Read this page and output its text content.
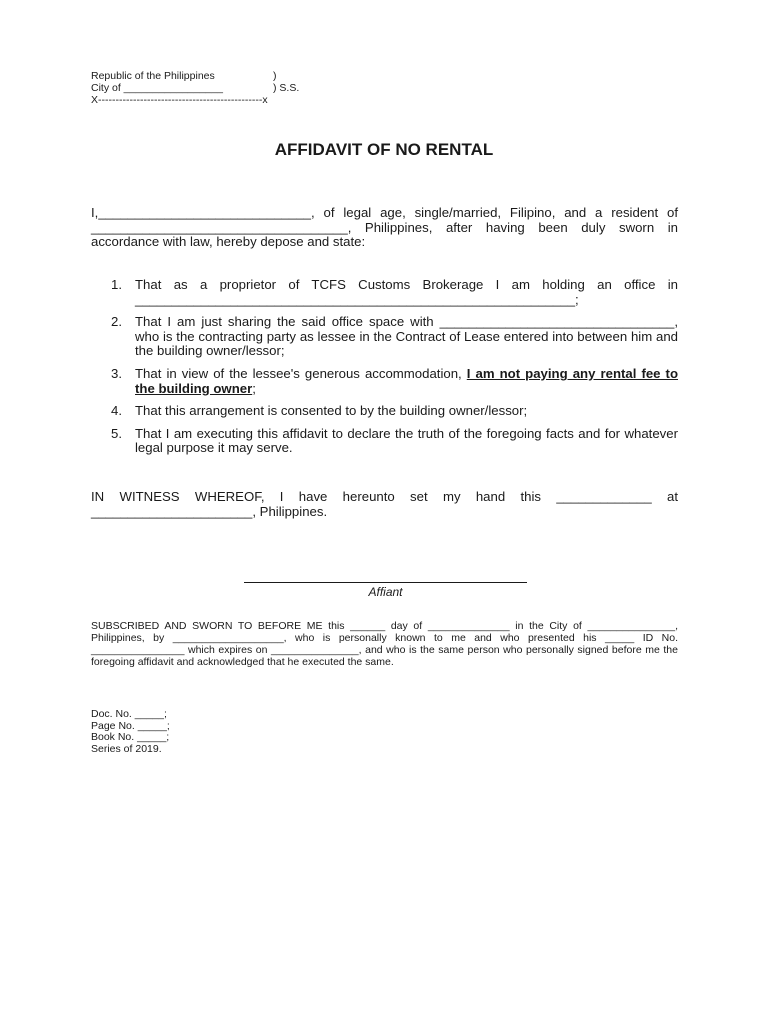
Republic of the Philippines	)
City of _________________	) S.S.
X-----------------------------------------------x
AFFIDAVIT OF NO RENTAL
I,_____________________________, of legal age, single/married, Filipino, and a resident of ___________________________________, Philippines, after having been duly sworn in accordance with law, hereby depose and state:
1. That as a proprietor of TCFS Customs Brokerage I am holding an office in ____________________________________________________________;
2. That I am just sharing the said office space with ________________________________, who is the contracting party as lessee in the Contract of Lease entered into between him and the building owner/lessor;
3. That in view of the lessee's generous accommodation, I am not paying any rental fee to the building owner;
4. That this arrangement is consented to by the building owner/lessor;
5. That I am executing this affidavit to declare the truth of the foregoing facts and for whatever legal purpose it may serve.
IN WITNESS WHEREOF, I have hereunto set my hand this _____________ at ______________________, Philippines.
Affiant
SUBSCRIBED AND SWORN TO BEFORE ME this ______ day of ______________ in the City of _______________, Philippines, by ___________________, who is personally known to me and who presented his _____ ID No. ________________ which expires on _______________, and who is the same person who personally signed before me the foregoing affidavit and acknowledged that he executed the same.
Doc. No. _____;
Page No. _____;
Book No. _____;
Series of 2019.
